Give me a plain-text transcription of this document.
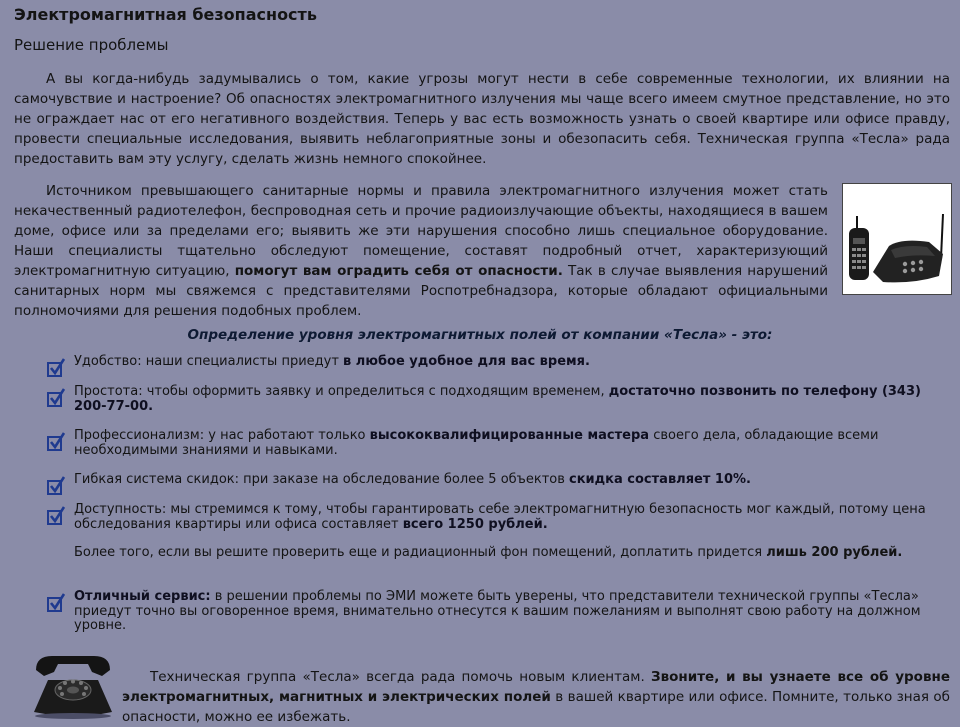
Электромагнитная безопасность
Решение проблемы

А вы когда-нибудь задумывались о том, какие угрозы могут нести в себе современные технологии, их влиянии на самочувствие и настроение? Об опасностях электромагнитного излучения мы чаще всего имеем смутное представление, но это не ограждает нас от его негативного воздействия. Теперь у вас есть возможность узнать о своей квартире или офисе правду, провести специальные исследования, выявить неблагоприятные зоны и обезопасить себя. Техническая группа «Тесла» рада предоставить вам эту услугу, сделать жизнь немного спокойнее.

Источником превышающего санитарные нормы и правила электромагнитного излучения может стать некачественный радиотелефон, беспроводная сеть и прочие радиоизлучающие объекты, находящиеся в вашем доме, офисе или за пределами его; выявить же эти нарушения способно лишь специальное оборудование. Наши специалисты тщательно обследуют помещение, составят подробный отчет, характеризующий электромагнитную ситуацию, помогут вам оградить себя от опасности. Так в случае выявления нарушений санитарных норм мы свяжемся с представителями Роспотребнадзора, которые обладают официальными полномочиями для решения подобных проблем.

Определение уровня электромагнитных полей от компании «Тесла» - это:
Удобство: наши специалисты приедут в любое удобное для вас время.
Простота: чтобы оформить заявку и определиться с подходящим временем, достаточно позвонить по телефону (343) 200-77-00.
Профессионализм: у нас работают только высококвалифицированные мастера своего дела, обладающие всеми необходимыми знаниями и навыками.
Гибкая система скидок: при заказе на обследование более 5 объектов скидка составляет 10%.
Доступность: мы стремимся к тому, чтобы гарантировать себе электромагнитную безопасность мог каждый, потому цена обследования квартиры или офиса составляет всего 1250 рублей.
Более того, если вы решите проверить еще и радиационный фон помещений, доплатить придется лишь 200 рублей.
Отличный сервис: в решении проблемы по ЭМИ можете быть уверены, что представители технической группы «Тесла» приедут точно вы оговоренное время, внимательно отнесутся к вашим пожеланиям и выполнят свою работу на должном уровне.

Техническая группа «Тесла» всегда рада помочь новым клиентам. Звоните, и вы узнаете все об уровне электромагнитных, магнитных и электрических полей в вашей квартире или офисе. Помните, только зная об опасности, можно ее избежать.
